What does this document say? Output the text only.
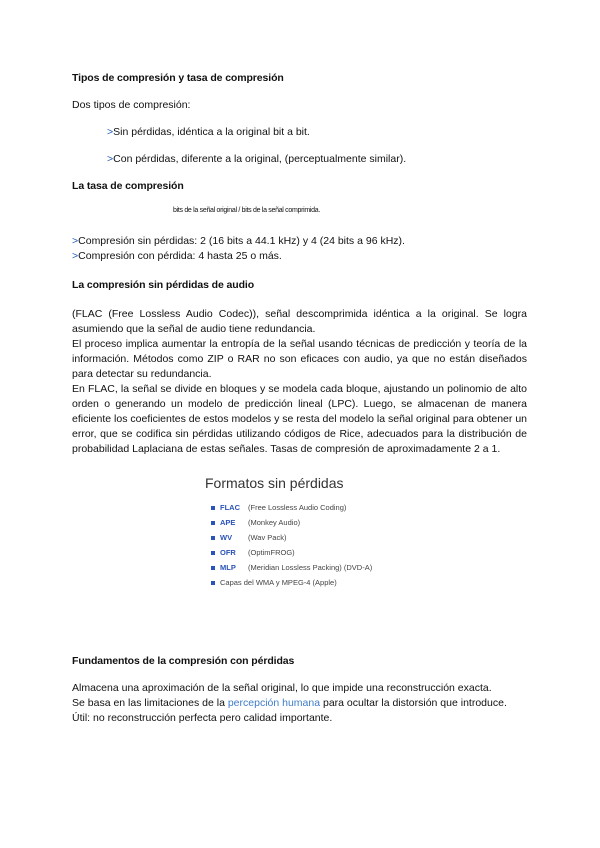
Tipos de compresión y tasa de compresión
Dos tipos de compresión:
>Sin pérdidas, idéntica a la original bit a bit.
>Con pérdidas, diferente a la original, (perceptualmente similar).
La tasa de compresión
bits de la señal original / bits de la señal comprimida.
>Compresión sin pérdidas: 2 (16 bits a 44.1 kHz) y 4 (24 bits a 96 kHz).
>Compresión con pérdida: 4 hasta 25 o más.
La compresión sin pérdidas de audio
(FLAC (Free Lossless Audio Codec)), señal descomprimida idéntica a la original. Se logra asumiendo que la señal de audio tiene redundancia.
El proceso implica aumentar la entropía de la señal usando técnicas de predicción y teoría de la información. Métodos como ZIP o RAR no son eficaces con audio, ya que no están diseñados para detectar su redundancia.
En FLAC, la señal se divide en bloques y se modela cada bloque, ajustando un polinomio de alto orden o generando un modelo de predicción lineal (LPC). Luego, se almacenan de manera eficiente los coeficientes de estos modelos y se resta del modelo la señal original para obtener un error, que se codifica sin pérdidas utilizando códigos de Rice, adecuados para la distribución de probabilidad Laplaciana de estas señales. Tasas de compresión de aproximadamente 2 a 1.
Formatos sin pérdidas
FLAC (Free Lossless Audio Coding)
APE (Monkey Audio)
WV (Wav Pack)
OFR (OptimFROG)
MLP (Meridian Lossless Packing) (DVD-A)
Capas del WMA y MPEG-4 (Apple)
Fundamentos de la compresión con pérdidas
Almacena una aproximación de la señal original, lo que impide una reconstrucción exacta.
Se basa en las limitaciones de la percepción humana para ocultar la distorsión que introduce.
Útil: no reconstrucción perfecta pero calidad importante.
